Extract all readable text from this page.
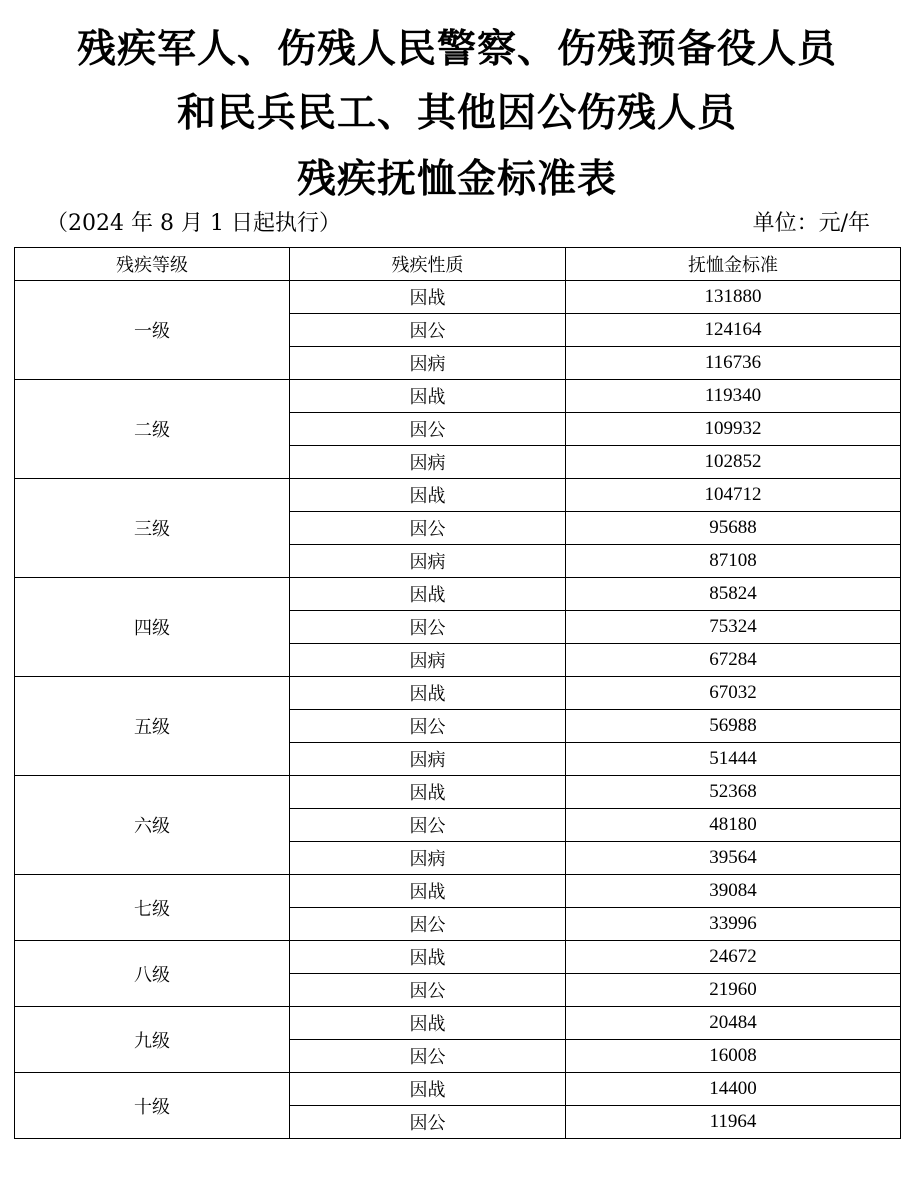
残疾军人、伤残人民警察、伤残预备役人员
和民兵民工、其他因公伤残人员
残疾抚恤金标准表
（2024 年 8 月 1 日起执行）	单位：元/年
残疾等级	残疾性质	抚恤金标准
一级	因战	131880
	因公	124164
	因病	116736
二级	因战	119340
	因公	109932
	因病	102852
三级	因战	104712
	因公	95688
	因病	87108
四级	因战	85824
	因公	75324
	因病	67284
五级	因战	67032
	因公	56988
	因病	51444
六级	因战	52368
	因公	48180
	因病	39564
七级	因战	39084
	因公	33996
八级	因战	24672
	因公	21960
九级	因战	20484
	因公	16008
十级	因战	14400
	因公	11964
